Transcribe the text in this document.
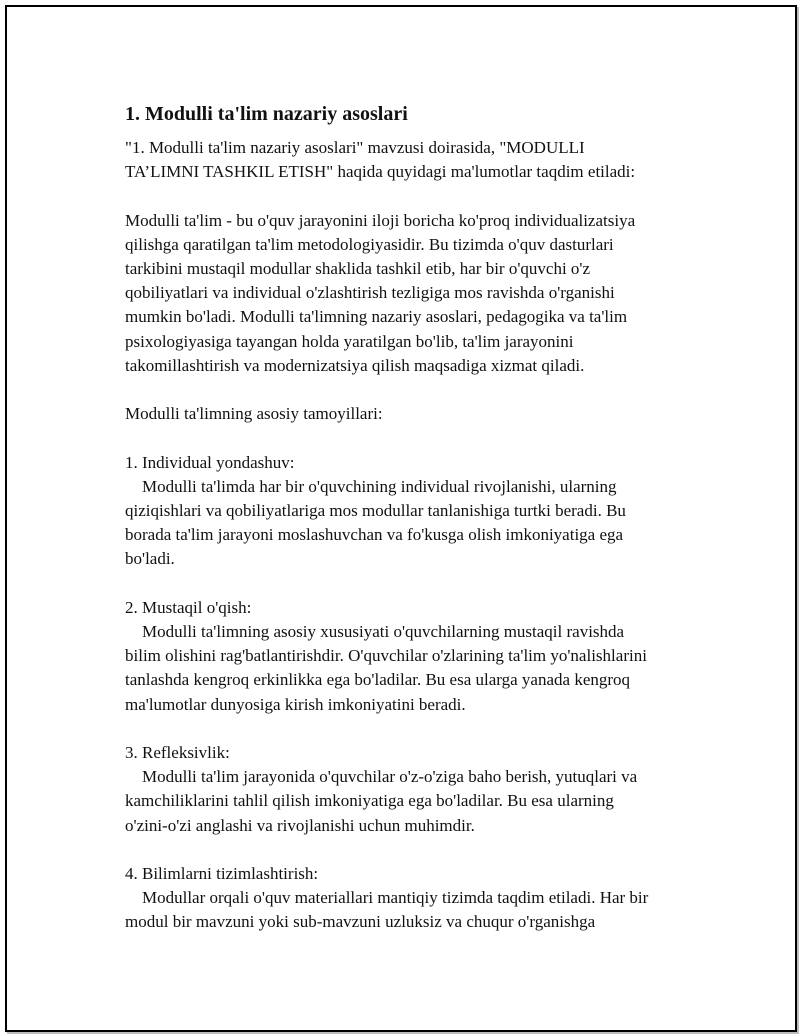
1. Modulli ta'lim nazariy asoslari
"1. Modulli ta'lim nazariy asoslari" mavzusi doirasida, "MODULLI
TA’LIMNI TASHKIL ETISH" haqida quyidagi ma'lumotlar taqdim etiladi:
Modulli ta'lim - bu o'quv jarayonini iloji boricha ko'proq individualizatsiya
qilishga qaratilgan ta'lim metodologiyasidir. Bu tizimda o'quv dasturlari
tarkibini mustaqil modullar shaklida tashkil etib, har bir o'quvchi o'z
qobiliyatlari va individual o'zlashtirish tezligiga mos ravishda o'rganishi
mumkin bo'ladi. Modulli ta'limning nazariy asoslari, pedagogika va ta'lim
psixologiyasiga tayangan holda yaratilgan bo'lib, ta'lim jarayonini
takomillashtirish va modernizatsiya qilish maqsadiga xizmat qiladi.
Modulli ta'limning asosiy tamoyillari:
1. Individual yondashuv:
Modulli ta'limda har bir o'quvchining individual rivojlanishi, ularning
qiziqishlari va qobiliyatlariga mos modullar tanlanishiga turtki beradi. Bu
borada ta'lim jarayoni moslashuvchan va fo'kusga olish imkoniyatiga ega
bo'ladi.
2. Mustaqil o'qish:
Modulli ta'limning asosiy xususiyati o'quvchilarning mustaqil ravishda
bilim olishini rag'batlantirishdir. O'quvchilar o'zlarining ta'lim yo'nalishlarini
tanlashda kengroq erkinlikka ega bo'ladilar. Bu esa ularga yanada kengroq
ma'lumotlar dunyosiga kirish imkoniyatini beradi.
3. Refleksivlik:
Modulli ta'lim jarayonida o'quvchilar o'z-o'ziga baho berish, yutuqlari va
kamchiliklarini tahlil qilish imkoniyatiga ega bo'ladilar. Bu esa ularning
o'zini-o'zi anglashi va rivojlanishi uchun muhimdir.
4. Bilimlarni tizimlashtirish:
Modullar orqali o'quv materiallari mantiqiy tizimda taqdim etiladi. Har bir
modul bir mavzuni yoki sub-mavzuni uzluksiz va chuqur o'rganishga
